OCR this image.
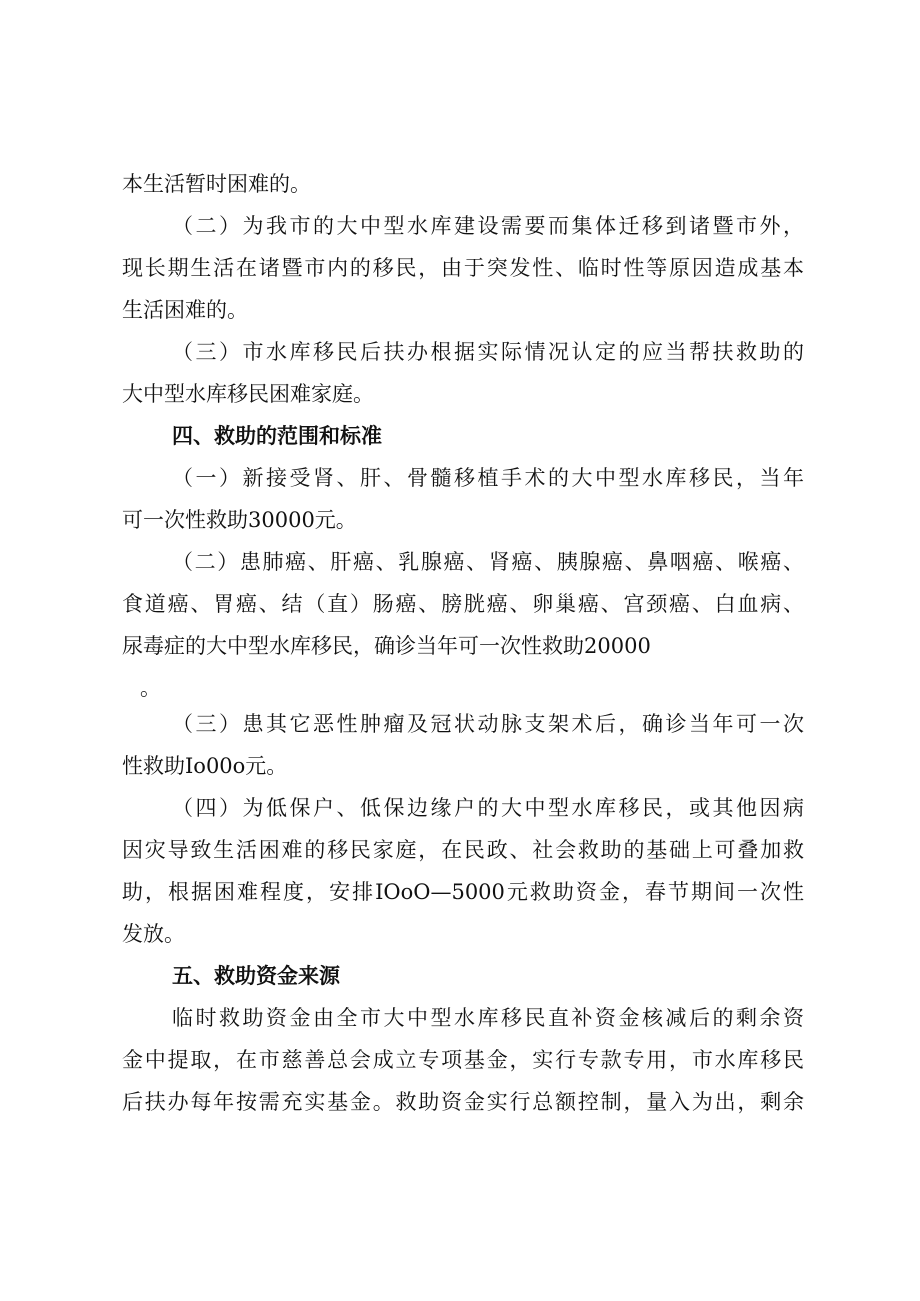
本生活暂时困难的。
（二）为我市的大中型水库建设需要而集体迁移到诸暨市外，
现长期生活在诸暨市内的移民，由于突发性、临时性等原因造成基本
生活困难的。
（三）市水库移民后扶办根据实际情况认定的应当帮扶救助的
大中型水库移民困难家庭。
四、救助的范围和标准
（一）新接受肾、肝、骨髓移植手术的大中型水库移民，当年
可一次性救助30000元。
（二）患肺癌、肝癌、乳腺癌、肾癌、胰腺癌、鼻咽癌、喉癌、
食道癌、胃癌、结（直）肠癌、膀胱癌、卵巢癌、宫颈癌、白血病、
尿毒症的大中型水库移民，确诊当年可一次性救助20000
。
（三）患其它恶性肿瘤及冠状动脉支架术后，确诊当年可一次
性救助Io00o元。
（四）为低保户、低保边缘户的大中型水库移民，或其他因病
因灾导致生活困难的移民家庭，在民政、社会救助的基础上可叠加救
助，根据困难程度，安排IOoO—5000元救助资金，春节期间一次性
发放。
五、救助资金来源
临时救助资金由全市大中型水库移民直补资金核减后的剩余资
金中提取，在市慈善总会成立专项基金，实行专款专用，市水库移民
后扶办每年按需充实基金。救助资金实行总额控制，量入为出，剩余
